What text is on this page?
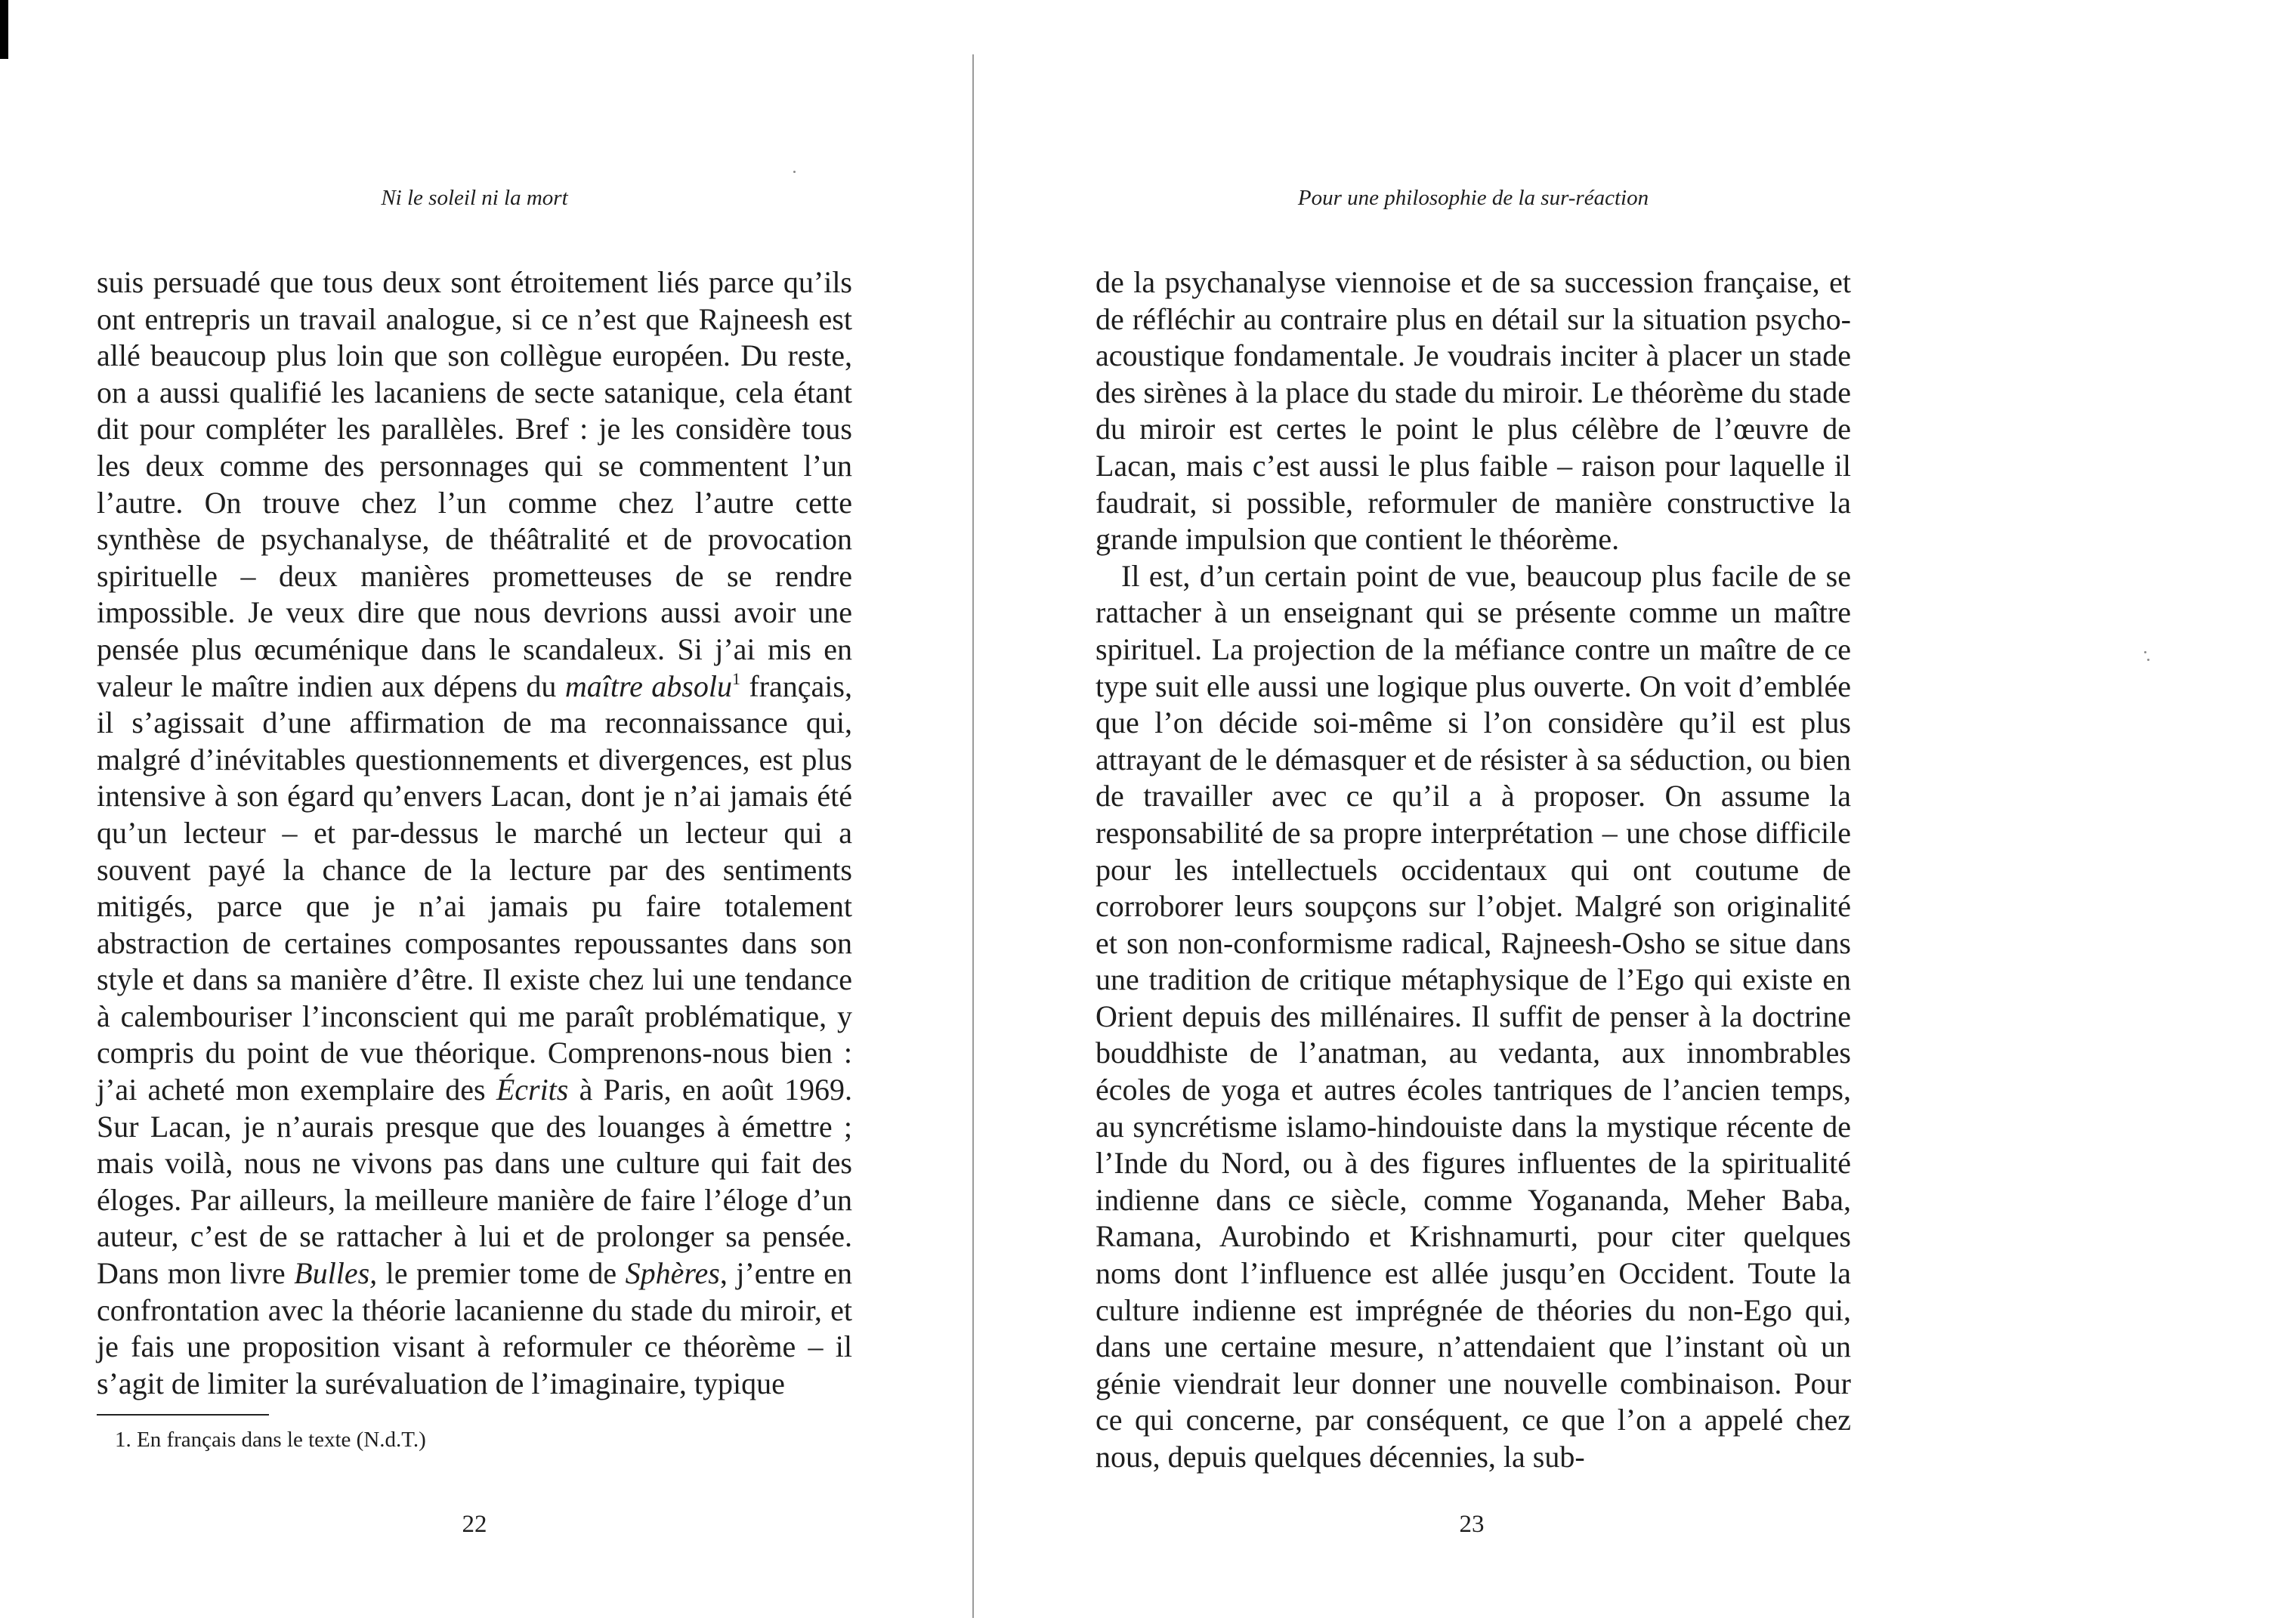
Ni le soleil ni la mort

suis persuadé que tous deux sont étroitement liés parce qu’ils ont entrepris un travail analogue, si ce n’est que Rajneesh est allé beaucoup plus loin que son collègue européen. Du reste, on a aussi qualifié les lacaniens de secte satanique, cela étant dit pour compléter les parallèles. Bref : je les considère tous les deux comme des personnages qui se commentent l’un l’autre. On trouve chez l’un comme chez l’autre cette synthèse de psychanalyse, de théâtralité et de provocation spirituelle – deux manières prometteuses de se rendre impossible. Je veux dire que nous devrions aussi avoir une pensée plus œcuménique dans le scandaleux. Si j’ai mis en valeur le maître indien aux dépens du maître absolu$^1$ français, il s’agissait d’une affirmation de ma reconnaissance qui, malgré d’inévitables questionnements et divergences, est plus intensive à son égard qu’envers Lacan, dont je n’ai jamais été qu’un lecteur – et par-dessus le marché un lecteur qui a souvent payé la chance de la lecture par des sentiments mitigés, parce que je n’ai jamais pu faire totalement abstraction de certaines composantes repoussantes dans son style et dans sa manière d’être. Il existe chez lui une tendance à calembouriser l’inconscient qui me paraît problématique, y compris du point de vue théorique. Comprenons-nous bien : j’ai acheté mon exemplaire des Écrits à Paris, en août 1969. Sur Lacan, je n’aurais presque que des louanges à émettre ; mais voilà, nous ne vivons pas dans une culture qui fait des éloges. Par ailleurs, la meilleure manière de faire l’éloge d’un auteur, c’est de se rattacher à lui et de prolonger sa pensée. Dans mon livre Bulles, le premier tome de Sphères, j’entre en confrontation avec la théorie lacanienne du stade du miroir, et je fais une proposition visant à reformuler ce théorème – il s’agit de limiter la surévaluation de l’imaginaire, typique

1. En français dans le texte (N.d.T.)
22
Pour une philosophie de la sur-réaction

de la psychanalyse viennoise et de sa succession française, et de réfléchir au contraire plus en détail sur la situation psycho-acoustique fondamentale. Je voudrais inciter à placer un stade des sirènes à la place du stade du miroir. Le théorème du stade du miroir est certes le point le plus célèbre de l’œuvre de Lacan, mais c’est aussi le plus faible – raison pour laquelle il faudrait, si possible, reformuler de manière constructive la grande impulsion que contient le théorème.

Il est, d’un certain point de vue, beaucoup plus facile de se rattacher à un enseignant qui se présente comme un maître spirituel. La projection de la méfiance contre un maître de ce type suit elle aussi une logique plus ouverte. On voit d’emblée que l’on décide soi-même si l’on considère qu’il est plus attrayant de le démasquer et de résister à sa séduction, ou bien de travailler avec ce qu’il a à proposer. On assume la responsabilité de sa propre interprétation – une chose difficile pour les intellectuels occidentaux qui ont coutume de corroborer leurs soupçons sur l’objet. Malgré son originalité et son non-conformisme radical, Rajneesh-Osho se situe dans une tradition de critique métaphysique de l’Ego qui existe en Orient depuis des millénaires. Il suffit de penser à la doctrine bouddhiste de l’anatman, au vedanta, aux innombrables écoles de yoga et autres écoles tantriques de l’ancien temps, au syncrétisme islamo-hindouiste dans la mystique récente de l’Inde du Nord, ou à des figures influentes de la spiritualité indienne dans ce siècle, comme Yogananda, Meher Baba, Ramana, Aurobindo et Krishnamurti, pour citer quelques noms dont l’influence est allée jusqu’en Occident. Toute la culture indienne est imprégnée de théories du non-Ego qui, dans une certaine mesure, n’attendaient que l’instant où un génie viendrait leur donner une nouvelle combinaison. Pour ce qui concerne, par conséquent, ce que l’on a appelé chez nous, depuis quelques décennies, la sub-

23
